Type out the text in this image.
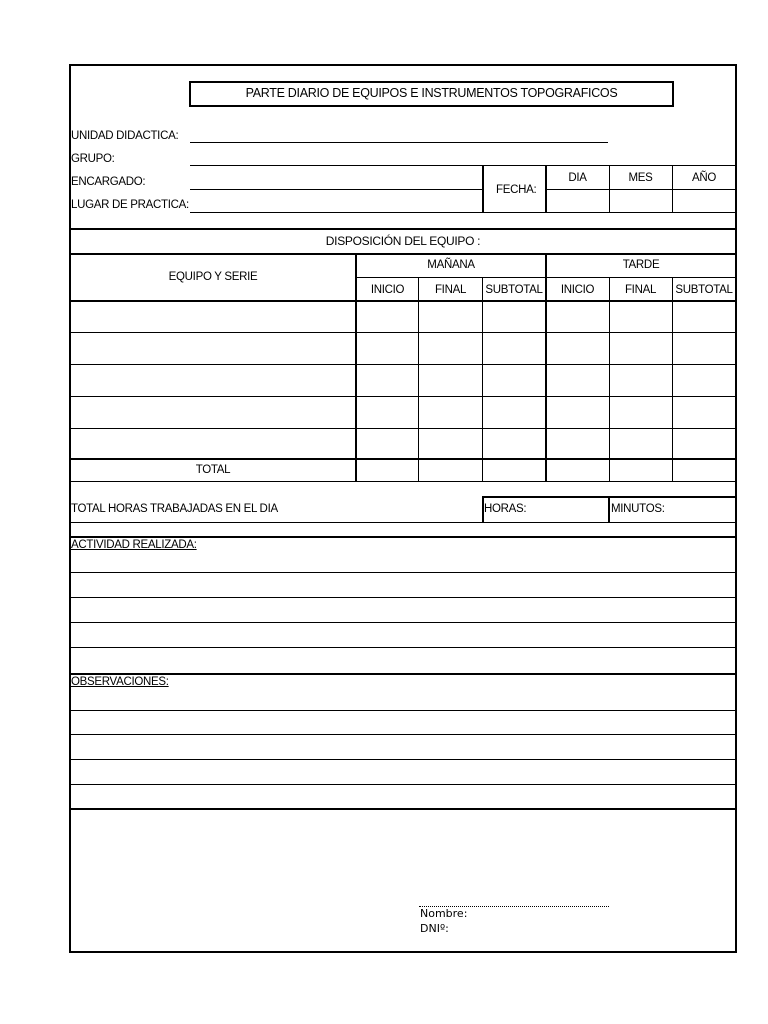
PARTE DIARIO DE EQUIPOS E INSTRUMENTOS TOPOGRAFICOS
UNIDAD DIDACTICA:
GRUPO:
ENCARGADO:
LUGAR DE PRACTICA:
FECHA:
DIA	MES	AÑO
DISPOSICIÓN DEL EQUIPO :
EQUIPO Y SERIE
MAÑANA	TARDE
INICIO	FINAL	SUBTOTAL	INICIO	FINAL	SUBTOTAL
TOTAL
TOTAL HORAS TRABAJADAS EN EL DIA	HORAS:	MINUTOS:
ACTIVIDAD REALIZADA:
OBSERVACIONES:
Nombre:
DNIº:
